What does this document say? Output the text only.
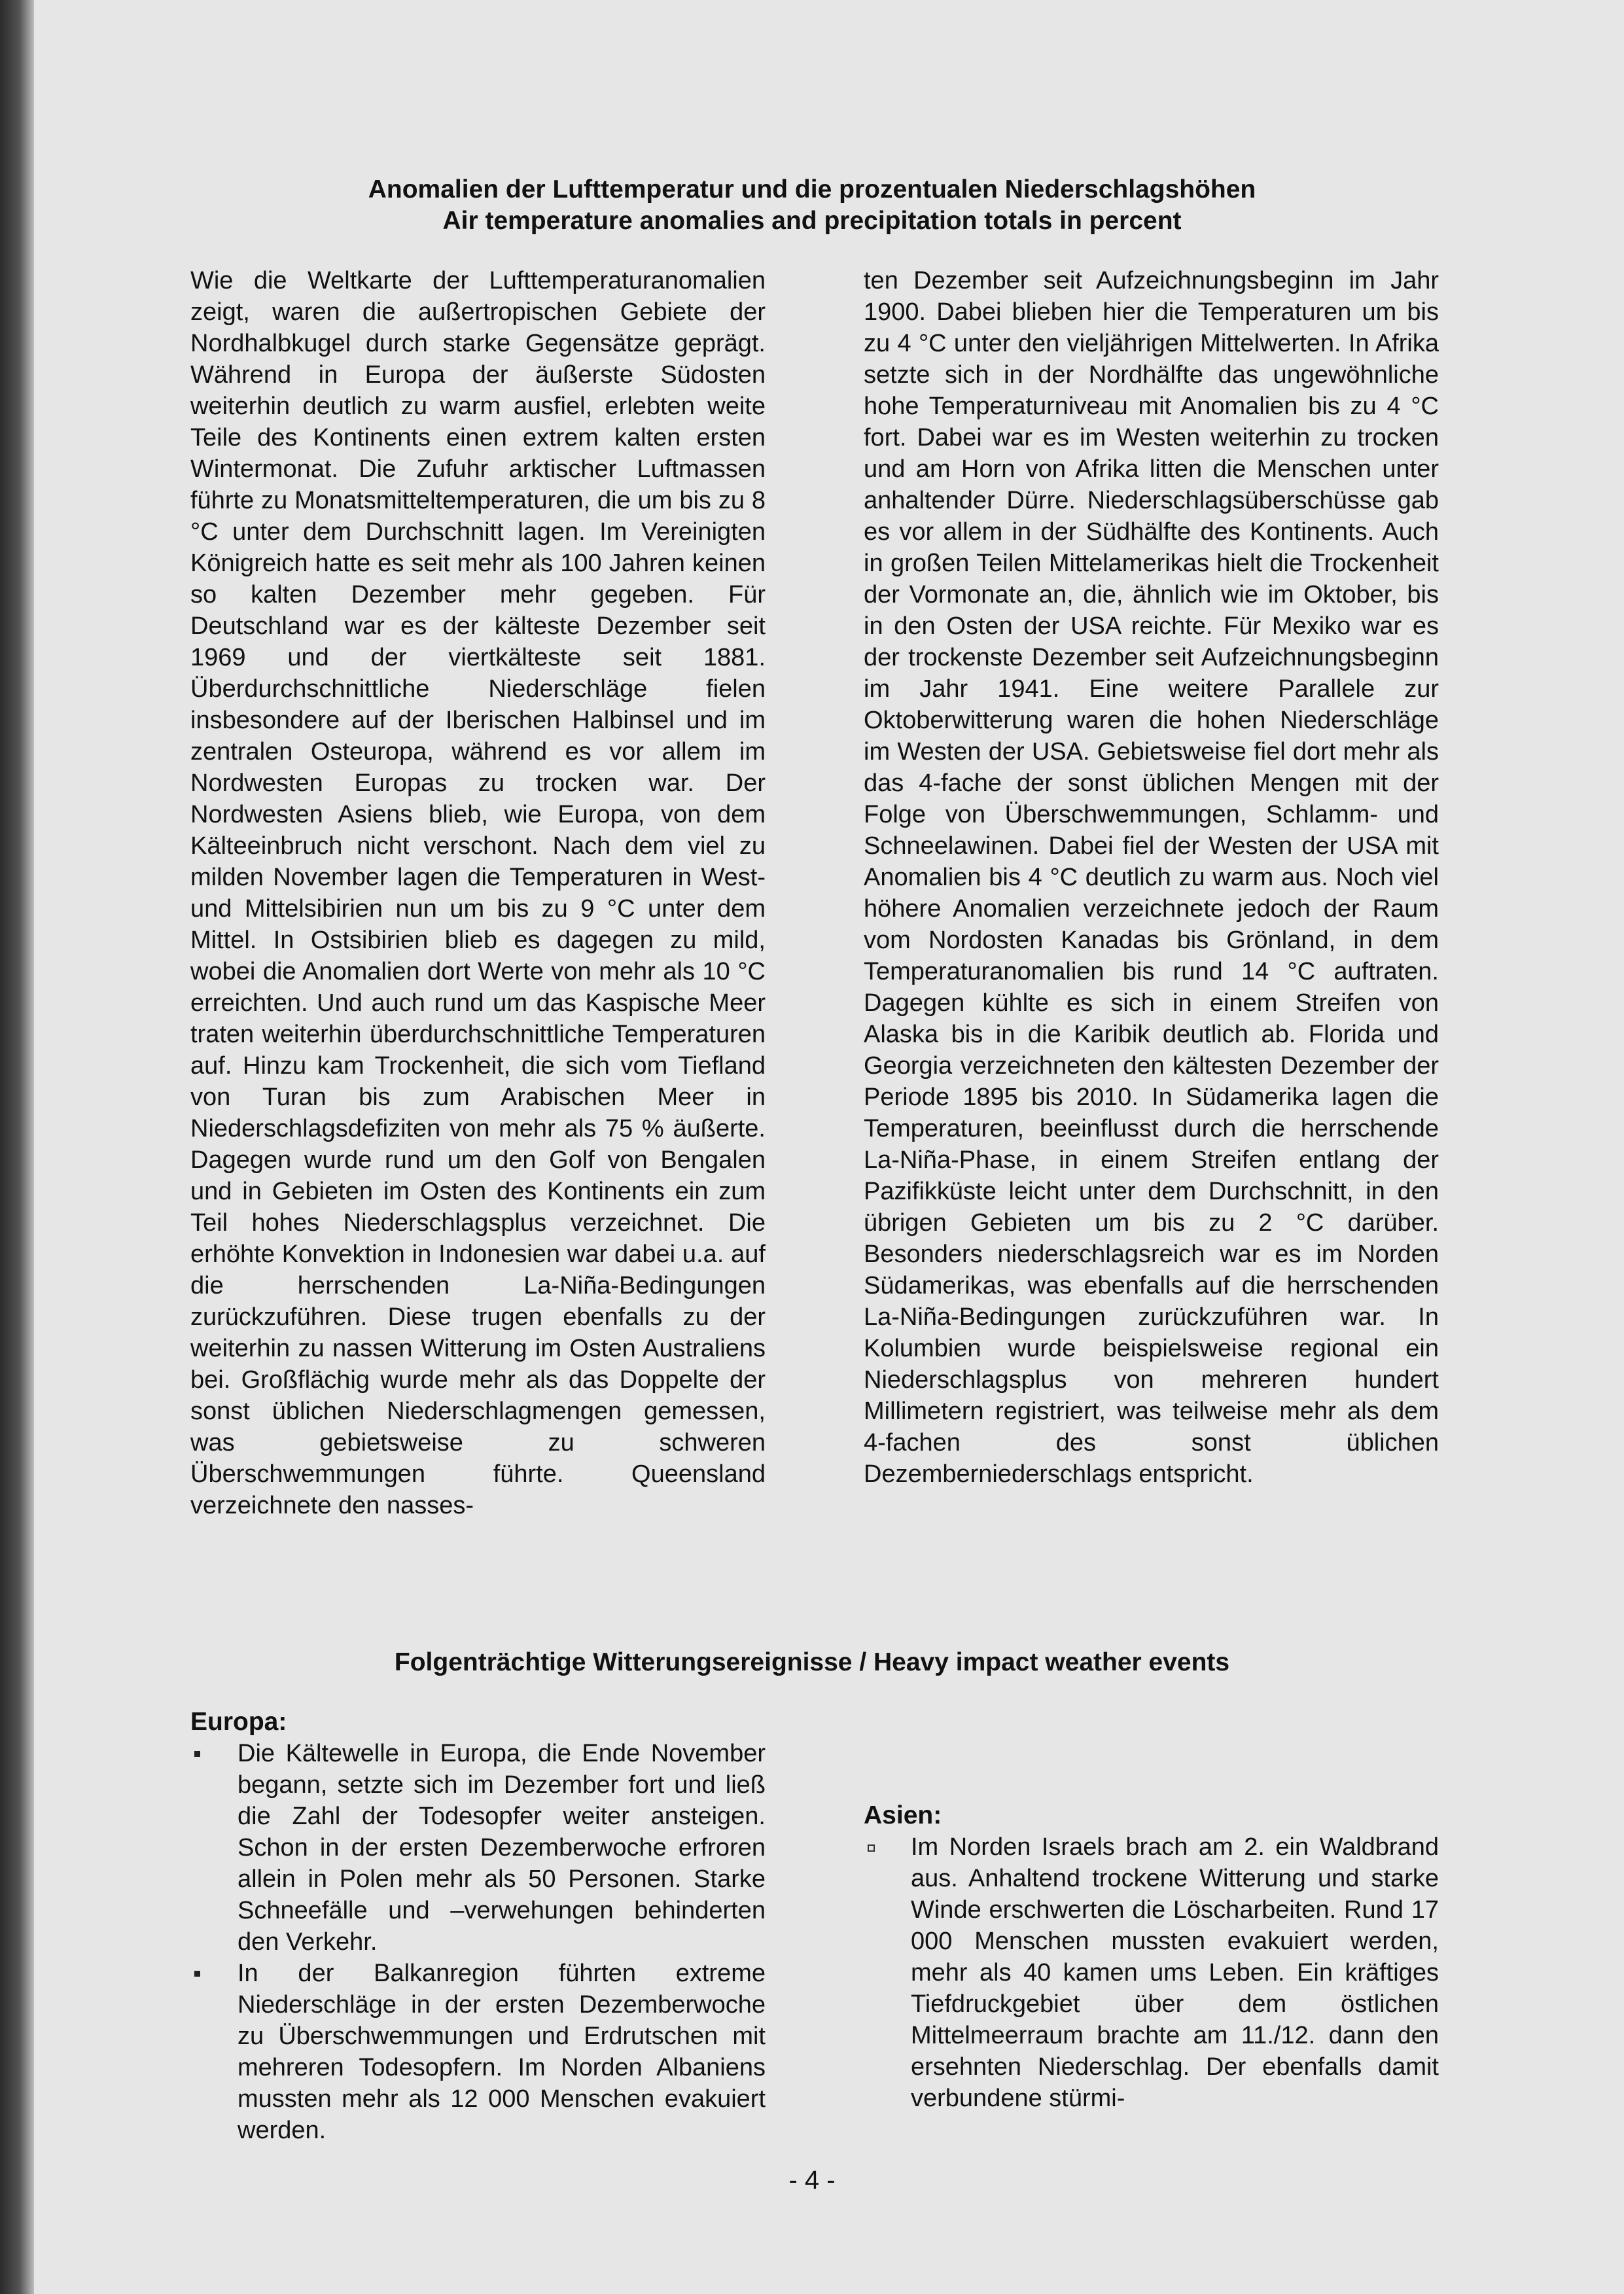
Anomalien der Lufttemperatur und die prozentualen Niederschlagshöhen
Air temperature anomalies and precipitation totals in percent

Wie die Weltkarte der Lufttemperaturanomalien zeigt, waren die außertropischen Gebiete der Nordhalbkugel durch starke Gegensätze geprägt. Während in Europa der äußerste Südosten weiterhin deutlich zu warm ausfiel, erlebten weite Teile des Kontinents einen extrem kalten ersten Wintermonat. Die Zufuhr arktischer Luftmassen führte zu Monatsmitteltemperaturen, die um bis zu 8 °C unter dem Durchschnitt lagen. Im Vereinigten Königreich hatte es seit mehr als 100 Jahren keinen so kalten Dezember mehr gegeben. Für Deutschland war es der kälteste Dezember seit 1969 und der viertkälteste seit 1881. Überdurchschnittliche Niederschläge fielen insbesondere auf der Iberischen Halbinsel und im zentralen Osteuropa, während es vor allem im Nordwesten Europas zu trocken war. Der Nordwesten Asiens blieb, wie Europa, von dem Kälteeinbruch nicht verschont. Nach dem viel zu milden November lagen die Temperaturen in West- und Mittelsibirien nun um bis zu 9 °C unter dem Mittel. In Ostsibirien blieb es dagegen zu mild, wobei die Anomalien dort Werte von mehr als 10 °C erreichten. Und auch rund um das Kaspische Meer traten weiterhin überdurchschnittliche Temperaturen auf. Hinzu kam Trockenheit, die sich vom Tiefland von Turan bis zum Arabischen Meer in Niederschlagsdefiziten von mehr als 75 % äußerte. Dagegen wurde rund um den Golf von Bengalen und in Gebieten im Osten des Kontinents ein zum Teil hohes Niederschlagsplus verzeichnet. Die erhöhte Konvektion in Indonesien war dabei u.a. auf die herrschenden La-Niña-Bedingungen zurückzuführen. Diese trugen ebenfalls zu der weiterhin zu nassen Witterung im Osten Australiens bei. Großflächig wurde mehr als das Doppelte der sonst üblichen Niederschlagmengen gemessen, was gebietsweise zu schweren Überschwemmungen führte. Queensland verzeichnete den nasses-

ten Dezember seit Aufzeichnungsbeginn im Jahr 1900. Dabei blieben hier die Temperaturen um bis zu 4 °C unter den vieljährigen Mittelwerten. In Afrika setzte sich in der Nordhälfte das ungewöhnliche hohe Temperaturniveau mit Anomalien bis zu 4 °C fort. Dabei war es im Westen weiterhin zu trocken und am Horn von Afrika litten die Menschen unter anhaltender Dürre. Niederschlagsüberschüsse gab es vor allem in der Südhälfte des Kontinents. Auch in großen Teilen Mittelamerikas hielt die Trockenheit der Vormonate an, die, ähnlich wie im Oktober, bis in den Osten der USA reichte. Für Mexiko war es der trockenste Dezember seit Aufzeichnungsbeginn im Jahr 1941. Eine weitere Parallele zur Oktoberwitterung waren die hohen Niederschläge im Westen der USA. Gebietsweise fiel dort mehr als das 4-fache der sonst üblichen Mengen mit der Folge von Überschwemmungen, Schlamm- und Schneelawinen. Dabei fiel der Westen der USA mit Anomalien bis 4 °C deutlich zu warm aus. Noch viel höhere Anomalien verzeichnete jedoch der Raum vom Nordosten Kanadas bis Grönland, in dem Temperaturanomalien bis rund 14 °C auftraten. Dagegen kühlte es sich in einem Streifen von Alaska bis in die Karibik deutlich ab. Florida und Georgia verzeichneten den kältesten Dezember der Periode 1895 bis 2010. In Südamerika lagen die Temperaturen, beeinflusst durch die herrschende La-Niña-Phase, in einem Streifen entlang der Pazifikküste leicht unter dem Durchschnitt, in den übrigen Gebieten um bis zu 2 °C darüber. Besonders niederschlagsreich war es im Norden Südamerikas, was ebenfalls auf die herrschenden La-Niña-Bedingungen zurückzuführen war. In Kolumbien wurde beispielsweise regional ein Niederschlagsplus von mehreren hundert Millimetern registriert, was teilweise mehr als dem 4-fachen des sonst üblichen Dezemberniederschlags entspricht.

Folgenträchtige Witterungsereignisse / Heavy impact weather events

Europa:

Die Kältewelle in Europa, die Ende November begann, setzte sich im Dezember fort und ließ die Zahl der Todesopfer weiter ansteigen. Schon in der ersten Dezemberwoche erfroren allein in Polen mehr als 50 Personen. Starke Schneefälle und –verwehungen behinderten den Verkehr.
In der Balkanregion führten extreme Niederschläge in der ersten Dezemberwoche zu Überschwemmungen und Erdrutschen mit mehreren Todesopfern. Im Norden Albaniens mussten mehr als 12 000 Menschen evakuiert werden.

Asien:

Im Norden Israels brach am 2. ein Waldbrand aus. Anhaltend trockene Witterung und starke Winde erschwerten die Löscharbeiten. Rund 17 000 Menschen mussten evakuiert werden, mehr als 40 kamen ums Leben. Ein kräftiges Tiefdruckgebiet über dem östlichen Mittelmeerraum brachte am 11./12. dann den ersehnten Niederschlag. Der ebenfalls damit verbundene stürmi-
- 4 -
